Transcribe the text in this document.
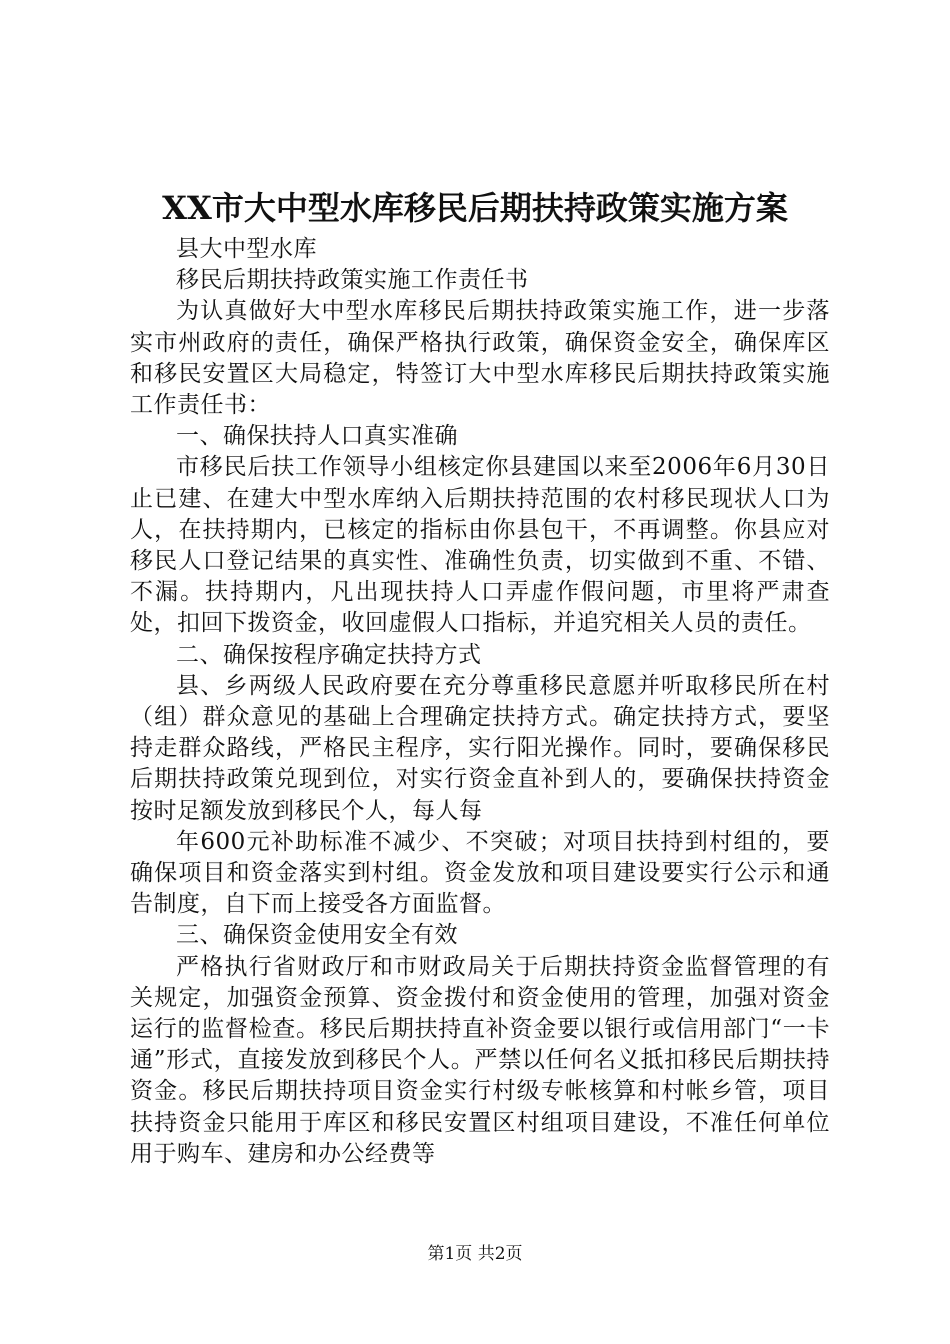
XX市大中型水库移民后期扶持政策实施方案

县大中型水库

移民后期扶持政策实施工作责任书

为认真做好大中型水库移民后期扶持政策实施工作，进一步落实市州政府的责任，确保严格执行政策，确保资金安全，确保库区和移民安置区大局稳定，特签订大中型水库移民后期扶持政策实施工作责任书：

一、确保扶持人口真实准确

市移民后扶工作领导小组核定你县建国以来至2006年6月30日止已建、在建大中型水库纳入后期扶持范围的农村移民现状人口为人，在扶持期内，已核定的指标由你县包干，不再调整。你县应对移民人口登记结果的真实性、准确性负责，切实做到不重、不错、不漏。扶持期内，凡出现扶持人口弄虚作假问题，市里将严肃查处，扣回下拨资金，收回虚假人口指标，并追究相关人员的责任。

二、确保按程序确定扶持方式

县、乡两级人民政府要在充分尊重移民意愿并听取移民所在村（组）群众意见的基础上合理确定扶持方式。确定扶持方式，要坚持走群众路线，严格民主程序，实行阳光操作。同时，要确保移民后期扶持政策兑现到位，对实行资金直补到人的，要确保扶持资金按时足额发放到移民个人，每人每

年600元补助标准不减少、不突破；对项目扶持到村组的，要确保项目和资金落实到村组。资金发放和项目建设要实行公示和通告制度，自下而上接受各方面监督。

三、确保资金使用安全有效

严格执行省财政厅和市财政局关于后期扶持资金监督管理的有关规定，加强资金预算、资金拨付和资金使用的管理，加强对资金运行的监督检查。移民后期扶持直补资金要以银行或信用部门“一卡通”形式，直接发放到移民个人。严禁以任何名义抵扣移民后期扶持资金。移民后期扶持项目资金实行村级专帐核算和村帐乡管，项目扶持资金只能用于库区和移民安置区村组项目建设，不准任何单位用于购车、建房和办公经费等

第1页 共2页
